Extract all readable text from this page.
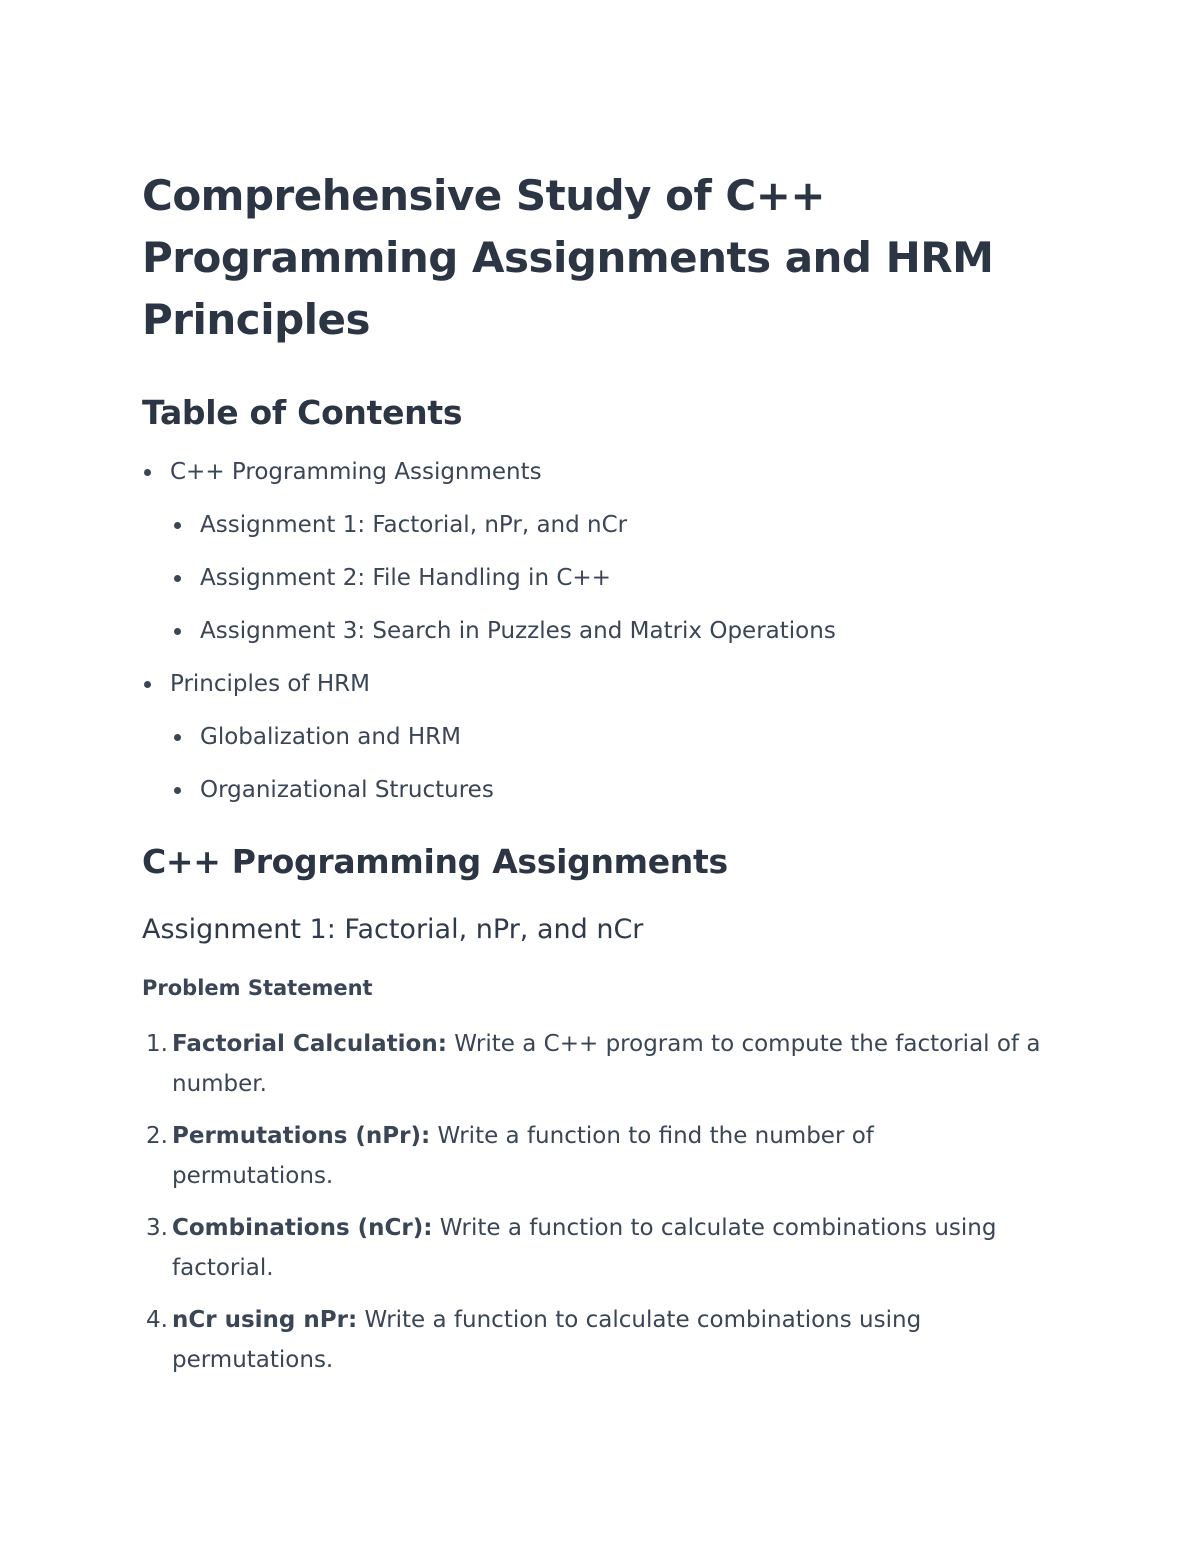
Comprehensive Study of C++ Programming Assignments and HRM Principles
Table of Contents
C++ Programming Assignments
Assignment 1: Factorial, nPr, and nCr
Assignment 2: File Handling in C++
Assignment 3: Search in Puzzles and Matrix Operations
Principles of HRM
Globalization and HRM
Organizational Structures
C++ Programming Assignments
Assignment 1: Factorial, nPr, and nCr
Problem Statement
1. Factorial Calculation: Write a C++ program to compute the factorial of a number.
2. Permutations (nPr): Write a function to find the number of permutations.
3. Combinations (nCr): Write a function to calculate combinations using factorial.
4. nCr using nPr: Write a function to calculate combinations using permutations.
